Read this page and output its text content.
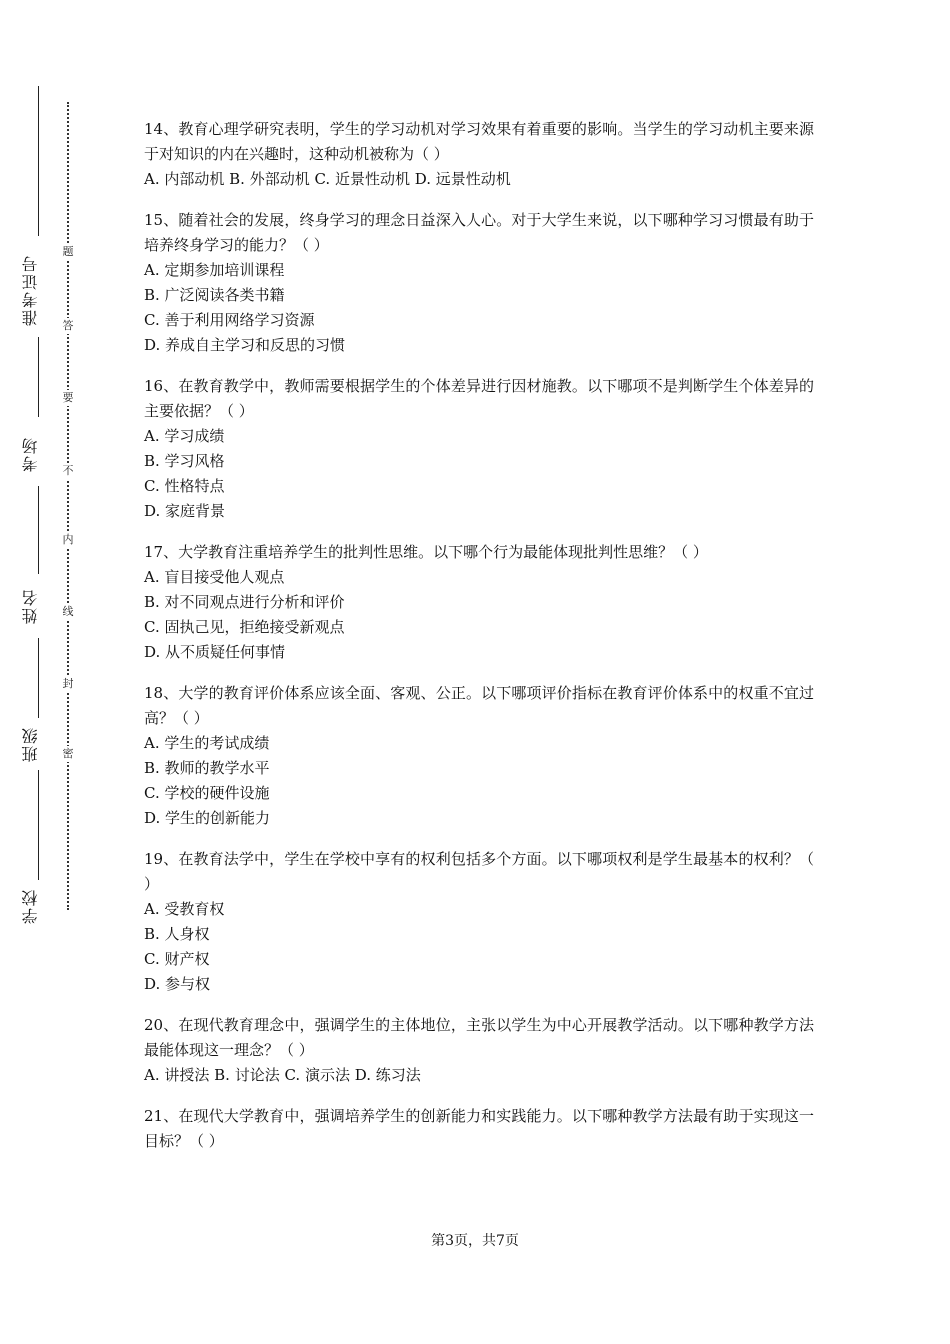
准考证号
考场
姓名
班级
学校
题
答
要
不
内
线
封
密

14、教育心理学研究表明，学生的学习动机对学习效果有着重要的影响。当学生的学习动机主要来源于对知识的内在兴趣时，这种动机被称为（ ）

A. 内部动机 B. 外部动机 C. 近景性动机 D. 远景性动机

15、随着社会的发展，终身学习的理念日益深入人心。对于大学生来说，以下哪种学习习惯最有助于培养终身学习的能力？（ ）

A. 定期参加培训课程

B. 广泛阅读各类书籍

C. 善于利用网络学习资源

D. 养成自主学习和反思的习惯

16、在教育教学中，教师需要根据学生的个体差异进行因材施教。以下哪项不是判断学生个体差异的主要依据？（ ）

A. 学习成绩

B. 学习风格

C. 性格特点

D. 家庭背景

17、大学教育注重培养学生的批判性思维。以下哪个行为最能体现批判性思维？（ ）

A. 盲目接受他人观点

B. 对不同观点进行分析和评价

C. 固执己见，拒绝接受新观点

D. 从不质疑任何事情

18、大学的教育评价体系应该全面、客观、公正。以下哪项评价指标在教育评价体系中的权重不宜过高？（ ）

A. 学生的考试成绩

B. 教师的教学水平

C. 学校的硬件设施

D. 学生的创新能力

19、在教育法学中，学生在学校中享有的权利包括多个方面。以下哪项权利是学生最基本的权利？（ ）

A. 受教育权

B. 人身权

C. 财产权

D. 参与权

20、在现代教育理念中，强调学生的主体地位，主张以学生为中心开展教学活动。以下哪种教学方法最能体现这一理念？（ ）

A. 讲授法 B. 讨论法 C. 演示法 D. 练习法

21、在现代大学教育中，强调培养学生的创新能力和实践能力。以下哪种教学方法最有助于实现这一目标？（ ）

第3页，共7页
